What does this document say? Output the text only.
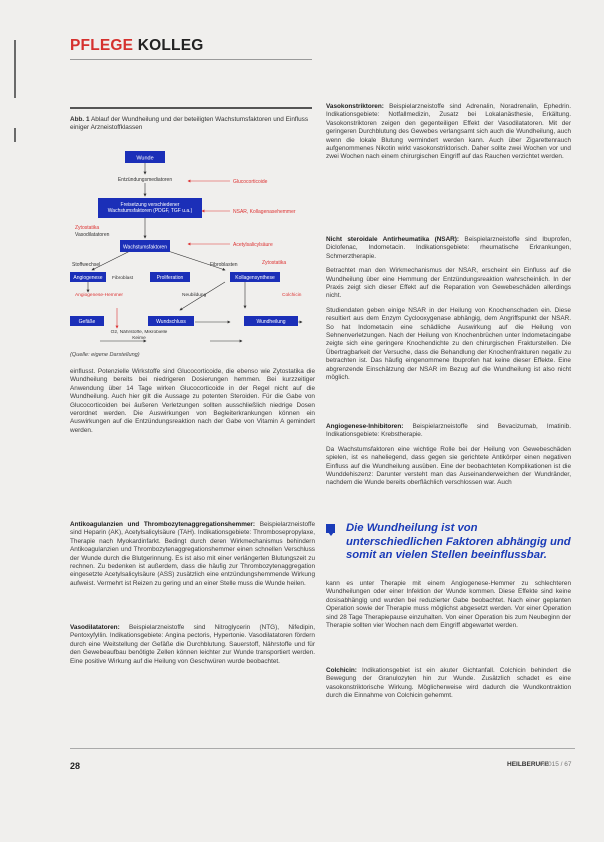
PFLEGE KOLLEG
Abb. 1 Ablauf der Wundheilung und der beteiligten Wachstumsfaktoren und Einfluss einiger Arzneistoffklassen
Wunde
Entzündungsmediatoren	Glucocorticoide
Freisetzung verschiedener Wachstumsfaktoren (PDGF, TGF u.a.)	NSAR, Kollagenasehemmer
Zytostatika
Vasodilatatoren
Wachstumsfaktoren	Acetylsalicylsäure
Stoffwechsel	Fibroblasten	Zytostatika
Angiogenese Fibroblast	Proliferation	Kollagensynthese
Angiogenese-Hemmer	Neubildung	Colchicin
Gefäße	Wundschluss	Wundheilung
O2, Nährstoffe, Mikrobielle Keime
(Quelle: eigene Darstellung)

einflusst. Potenzielle Wirkstoffe sind Glucocorticoide, die ebenso wie Zytostatika die Wundheilung bereits bei niedrigeren Dosierungen hemmen. Bei kurzzeitiger Anwendung über 14 Tage wirken Glucocorticoide in der Regel nicht auf die Wundheilung. Auch hier gilt die Aussage zu potenten Steroiden. Für die Gabe von Glucocorticoiden bei äußeren Verletzungen sollten ausschließlich niedrige Dosen verordnet werden. Die Auswirkungen von Begleiterkrankungen können ein Auswirkungen auf die Entzündungsreaktion nach der Gabe von Vitamin A gemindert werden.

Antikoagulanzien und Thrombozytenaggregationshemmer: Beispielarzneistoffe sind Heparin (AK), Acetylsalicylsäure (TAH). Indikationsgebiete: Thrombosepropylaxe, Therapie nach Myokardinfarkt. Bedingt durch deren Wirkmechanismus behindern Antikoagulanzien und Thrombozytenaggregationshemmer einen schnellen Verschluss der Wunde durch die Blutgerinnung. Es ist also mit einer verlängerten Blutungszeit zu rechnen. Zu bedenken ist außerdem, dass die häufig zur Thrombozytenaggregation eingesetzte Acetylsalicylsäure (ASS) zusätzlich eine entzündungshemmende Wirkung aufweist. Vermehrt ist Reizen zu gering und an einer Stelle muss die Wunde heilen.

Vasodilatatoren: Beispielarzneistoffe sind Nitroglycerin (NTG), Nifedipin, Pentoxyfyllin. Indikationsgebiete: Angina pectoris, Hypertonie. Vasodilatatoren fördern durch eine Weitstellung der Gefäße die Durchblutung. Sauerstoff, Nährstoffe und für den Gewebeaufbau benötigte Zellen können leichter zur Wunde transportiert werden. Eine positive Wirkung auf die Heilung von Geschwüren wurde beobachtet.

Vasokonstriktoren: Beispielarzneistoffe sind Adrenalin, Noradrenalin, Ephedrin. Indikationsgebiete: Notfallmedizin, Zusatz bei Lokalanästhesie, Erkältung. Vasokonstriktoren zeigen den gegenteiligen Effekt der Vasodilatatoren. Mit der geringeren Durchblutung des Gewebes verlangsamt sich auch die Wundheilung, auch wenn die lokale Blutung vermindert werden kann. Auch über Zigarettenrauch aufgenommenes Nikotin wirkt vasokonstriktorisch. Daher sollte zwei Wochen vor und zwei Wochen nach einem chirurgischen Eingriff auf das Rauchen verzichtet werden.

Nicht steroidale Antirheumatika (NSAR): Beispielarzneistoffe sind Ibuprofen, Diclofenac, Indometacin. Indikationsgebiete: rheumatische Erkrankungen, Schmerztherapie.

Betrachtet man den Wirkmechanismus der NSAR, erscheint ein Einfluss auf die Wundheilung über eine Hemmung der Entzündungsreaktion wahrscheinlich. In der Praxis zeigt sich dieser Effekt auf die Reparation von Gewebeschäden allerdings nicht.

Studiendaten geben einige NSAR in der Heilung von Knochenschaden ein. Diese resultiert aus dem Enzym Cyclooxygenase abhängig, dem Angriffspunkt der NSAR. So hat Indometacin eine schädliche Auswirkung auf die Heilung von Sehnenverletzungen. Nach der Heilung von Knochenbrüchen unter Indometacingabe zeigte sich eine geringere Knochendichte zu den chirurgischen Frakturstellen. Die Übertragbarkeit der Versuche, dass die Behandlung der Knochenfrakturen negativ zu betrachten ist. Das häufig eingenommene Ibuprofen hat keine dieser Effekte. Eine abgrenzende Einschätzung der NSAR im Bezug auf die Wundheilung ist also nicht möglich.

Angiogenese-Inhibitoren: Beispielarzneistoffe sind Bevacizumab, Imatinib. Indikationsgebiete: Krebstherapie.

Da Wachstumsfaktoren eine wichtige Rolle bei der Heilung von Gewebeschäden spielen, ist es naheliegend, dass gegen sie gerichtete Antikörper einen negativen Einfluss auf die Wundheilung ausüben. Eine der beobachteten Komplikationen ist die Wunddehiszenz: Darunter versteht man das Auseinanderweichen der Wundränder, nachdem die Wunde bereits oberflächlich verschlossen war. Auch

Die Wundheilung ist von unterschiedlichen Faktoren abhängig und somit an vielen Stellen beeinflussbar.

kann es unter Therapie mit einem Angiogenese-Hemmer zu schlechteren Wundheilungen oder einer Infektion der Wunde kommen. Diese Effekte sind keine dosisabhängig und wurden bei reduzierter Gabe beobachtet. Nach einer geplanten Operation sowie der Therapie muss möglichst abgesetzt werden. Vor einer Operation sind 28 Tage Therapiepause einzuhalten. Von einer Operation bis zum Neubeginn der Therapie sollten vier Wochen nach dem Eingriff abgewartet werden.

Colchicin: Indikationsgebiet ist ein akuter Gichtanfall. Colchicin behindert die Bewegung der Granulozyten hin zur Wunde. Zusätzlich schadet es eine vasokonstriktorische Wirkung. Möglicherweise wird dadurch die Wundkontraktion durch die Einnahme von Colchicin gehemmt.

28	HEILBERUFE
4.2015 / 67
